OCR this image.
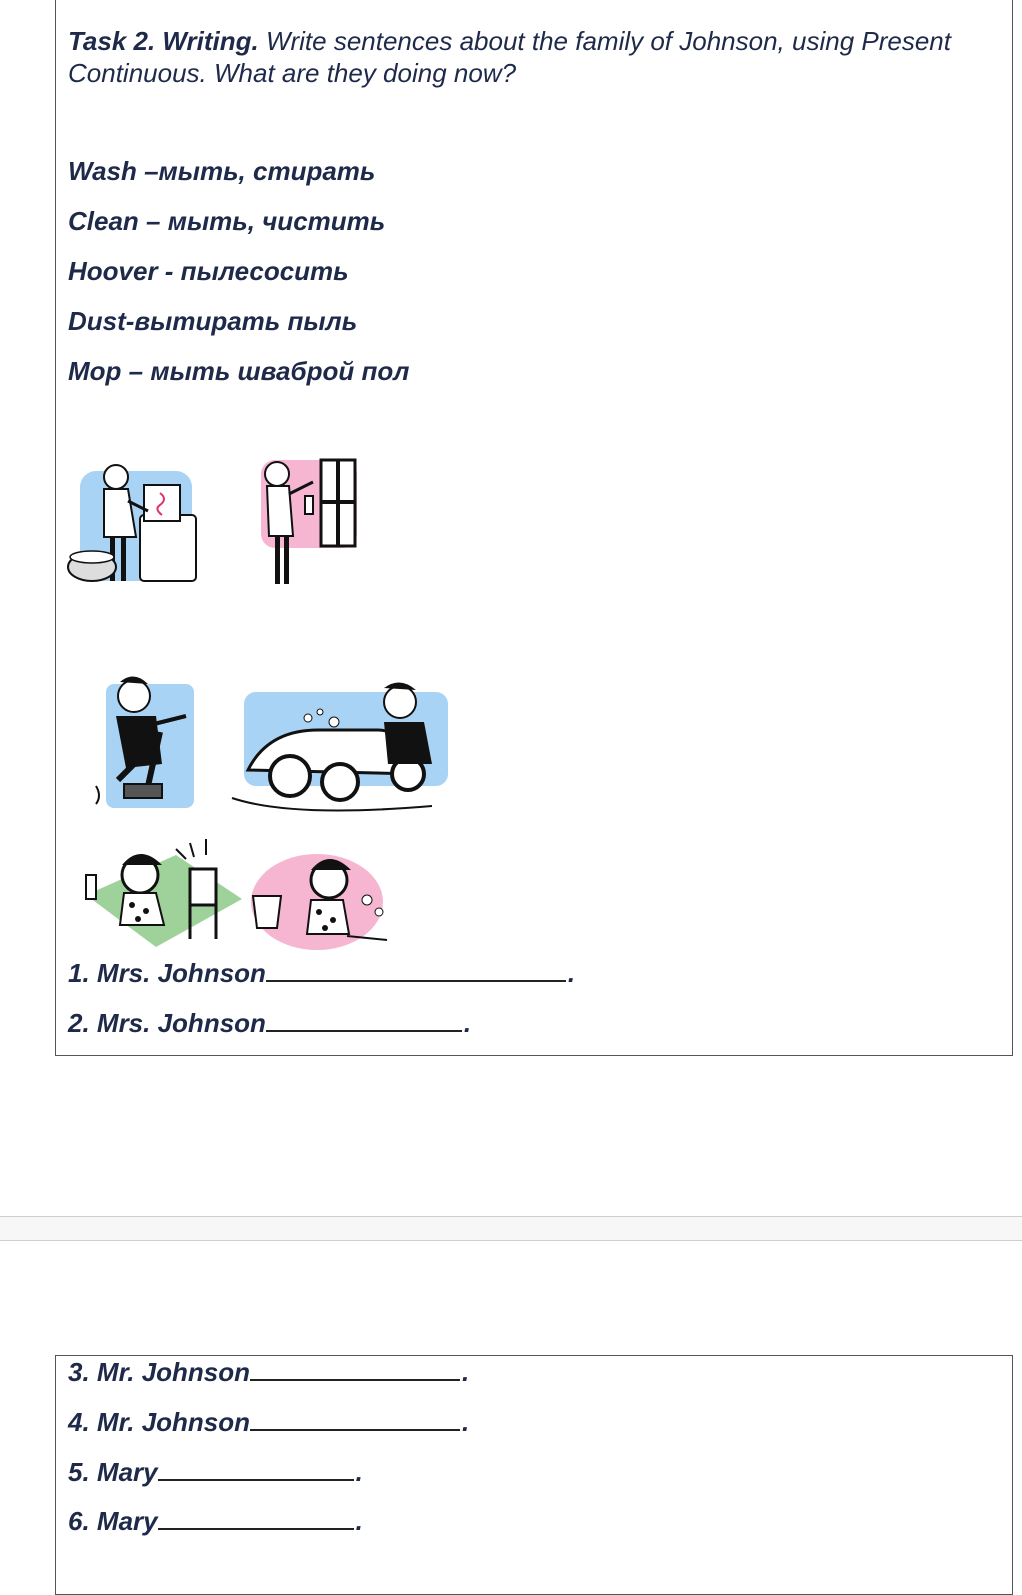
Task 2. Writing. Write sentences about the family of Johnson, using Present
Continuous. What are they doing now?
Wash –мыть, стирать
Clean – мыть, чистить
Hoover - пылесосить
Dust-вытирать пыль
Mop – мыть швабрoй пол
1. Mrs. Johnson	.
2. Mrs. Johnson	.
3. Mr. Johnson	.
4. Mr. Johnson	.
5. Mary	.
6. Mary	.
